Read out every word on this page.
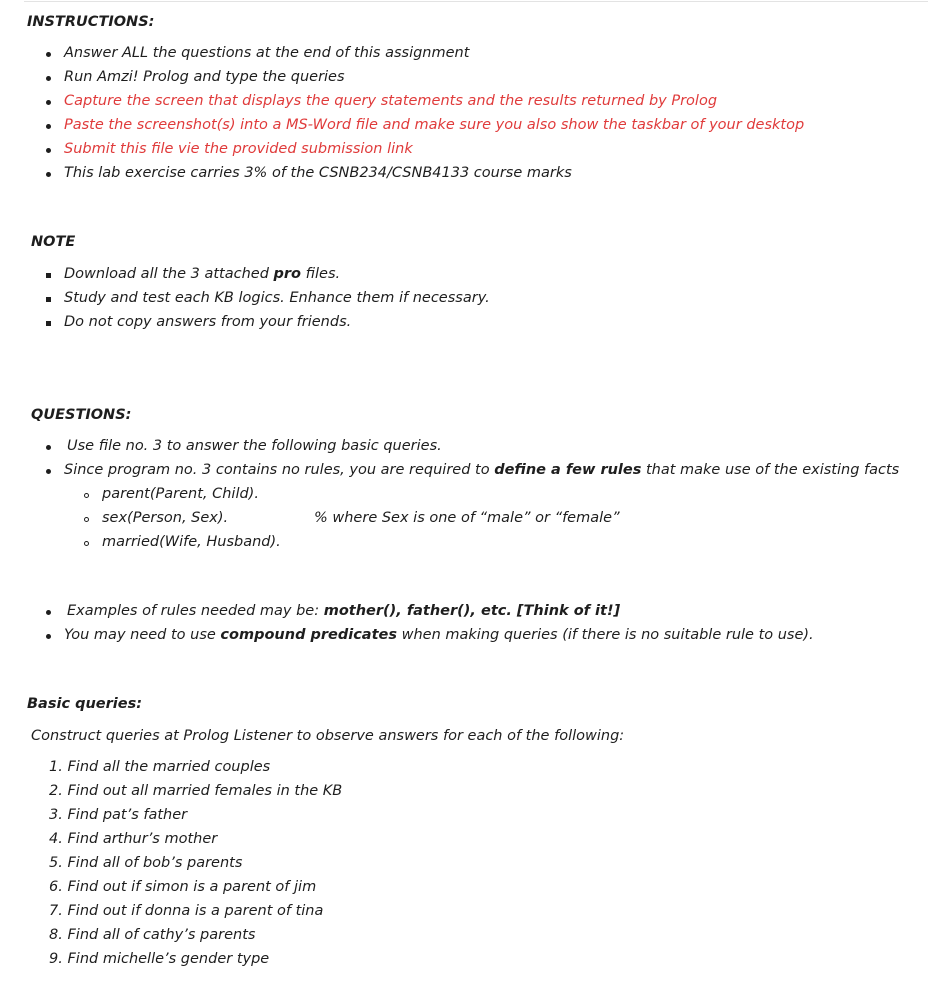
INSTRUCTIONS:
Answer ALL the questions at the end of this assignment
Run Amzi! Prolog and type the queries
Capture the screen that displays the query statements and the results returned by Prolog
Paste the screenshot(s) into a MS-Word file and make sure you also show the taskbar of your desktop
Submit this file vie the provided submission link
This lab exercise carries 3% of the CSNB234/CSNB4133 course marks
NOTE
Download all the 3 attached pro files.
Study and test each KB logics. Enhance them if necessary.
Do not copy answers from your friends.
QUESTIONS:
Use file no. 3 to answer the following basic queries.
Since program no. 3 contains no rules, you are required to define a few rules that make use of the existing facts
parent(Parent, Child).
sex(Person, Sex).	% where Sex is one of “male” or “female”
married(Wife, Husband).
Examples of rules needed may be: mother(), father(), etc. [Think of it!]
You may need to use compound predicates when making queries (if there is no suitable rule to use).
Basic queries:
Construct queries at Prolog Listener to observe answers for each of the following:
1. Find all the married couples
2. Find out all married females in the KB
3. Find pat’s father
4. Find arthur’s mother
5. Find all of bob’s parents
6. Find out if simon is a parent of jim
7. Find out if donna is a parent of tina
8. Find all of cathy’s parents
9. Find michelle’s gender type
